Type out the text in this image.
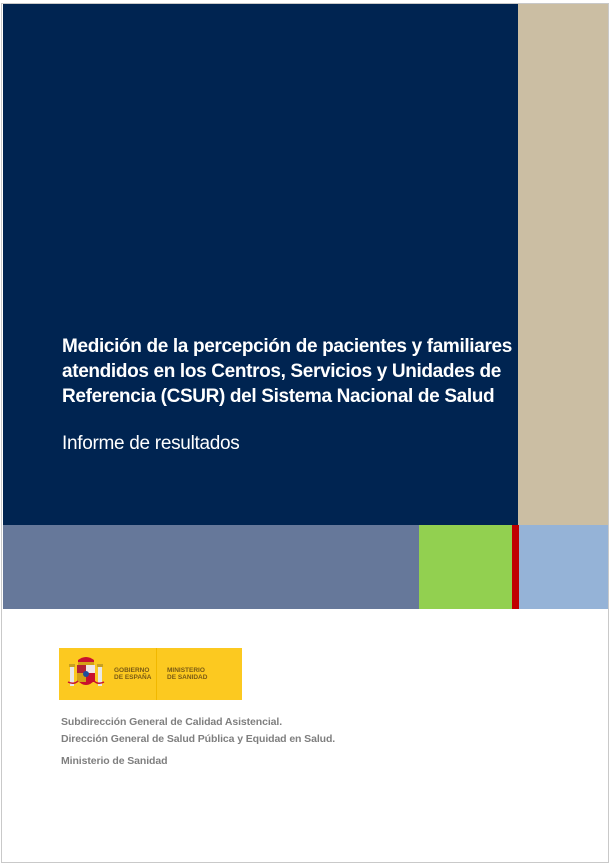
Medición de la percepción de pacientes y familiares
atendidos en los Centros, Servicios y Unidades de
Referencia (CSUR) del Sistema Nacional de Salud
Informe de resultados
GOBIERNO
DE ESPAÑA
MINISTERIO
DE SANIDAD
Subdirección General de Calidad Asistencial.
Dirección General de Salud Pública y Equidad en Salud.
Ministerio de Sanidad
